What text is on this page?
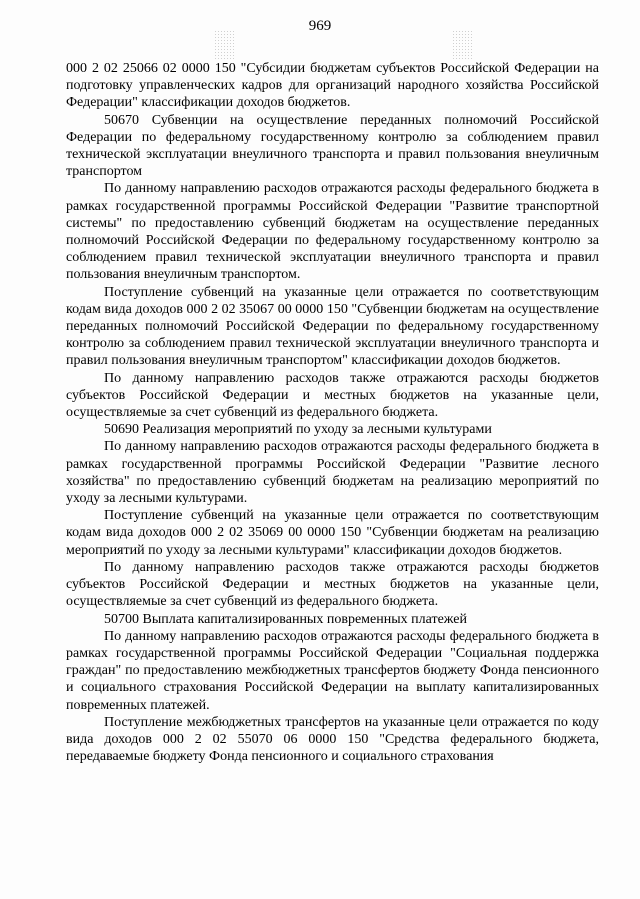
969

000 2 02 25066 02 0000 150 "Субсидии бюджетам субъектов Российской Федерации на подготовку управленческих кадров для организаций народного хозяйства Российской Федерации" классификации доходов бюджетов.

50670 Субвенции на осуществление переданных полномочий Российской Федерации по федеральному государственному контролю за соблюдением правил технической эксплуатации внеуличного транспорта и правил пользования внеуличным транспортом

По данному направлению расходов отражаются расходы федерального бюджета в рамках государственной программы Российской Федерации "Развитие транспортной системы" по предоставлению субвенций бюджетам на осуществление переданных полномочий Российской Федерации по федеральному государственному контролю за соблюдением правил технической эксплуатации внеуличного транспорта и правил пользования внеуличным транспортом.

Поступление субвенций на указанные цели отражается по соответствующим кодам вида доходов 000 2 02 35067 00 0000 150 "Субвенции бюджетам на осуществление переданных полномочий Российской Федерации по федеральному государственному контролю за соблюдением правил технической эксплуатации внеуличного транспорта и правил пользования внеуличным транспортом" классификации доходов бюджетов.

По данному направлению расходов также отражаются расходы бюджетов субъектов Российской Федерации и местных бюджетов на указанные цели, осуществляемые за счет субвенций из федерального бюджета.

50690 Реализация мероприятий по уходу за лесными культурами

По данному направлению расходов отражаются расходы федерального бюджета в рамках государственной программы Российской Федерации "Развитие лесного хозяйства" по предоставлению субвенций бюджетам на реализацию мероприятий по уходу за лесными культурами.

Поступление субвенций на указанные цели отражается по соответствующим кодам вида доходов 000 2 02 35069 00 0000 150 "Субвенции бюджетам на реализацию мероприятий по уходу за лесными культурами" классификации доходов бюджетов.

По данному направлению расходов также отражаются расходы бюджетов субъектов Российской Федерации и местных бюджетов на указанные цели, осуществляемые за счет субвенций из федерального бюджета.

50700 Выплата капитализированных повременных платежей

По данному направлению расходов отражаются расходы федерального бюджета в рамках государственной программы Российской Федерации "Социальная поддержка граждан" по предоставлению межбюджетных трансфертов бюджету Фонда пенсионного и социального страхования Российской Федерации на выплату капитализированных повременных платежей.

Поступление межбюджетных трансфертов на указанные цели отражается по коду вида доходов 000 2 02 55070 06 0000 150 "Средства федерального бюджета, передаваемые бюджету Фонда пенсионного и социального страхования
